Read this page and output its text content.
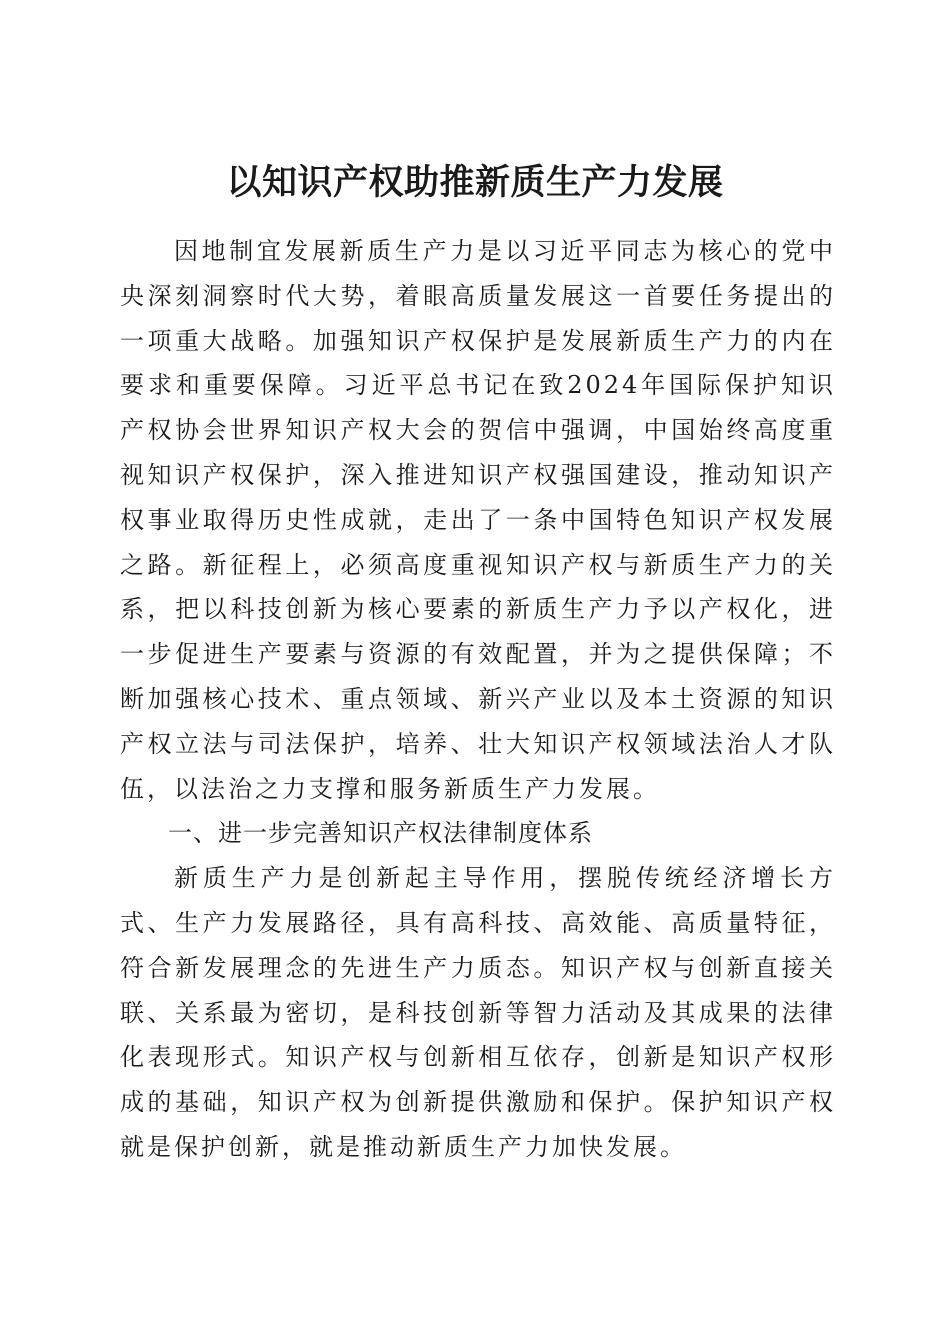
以知识产权助推新质生产力发展

因地制宜发展新质生产力是以习近平同志为核心的党中央深刻洞察时代大势，着眼高质量发展这一首要任务提出的一项重大战略。加强知识产权保护是发展新质生产力的内在要求和重要保障。习近平总书记在致2024年国际保护知识产权协会世界知识产权大会的贺信中强调，中国始终高度重视知识产权保护，深入推进知识产权强国建设，推动知识产权事业取得历史性成就，走出了一条中国特色知识产权发展之路。新征程上，必须高度重视知识产权与新质生产力的关系，把以科技创新为核心要素的新质生产力予以产权化，进一步促进生产要素与资源的有效配置，并为之提供保障；不断加强核心技术、重点领域、新兴产业以及本土资源的知识产权立法与司法保护，培养、壮大知识产权领域法治人才队伍，以法治之力支撑和服务新质生产力发展。

一、进一步完善知识产权法律制度体系

新质生产力是创新起主导作用，摆脱传统经济增长方式、生产力发展路径，具有高科技、高效能、高质量特征，符合新发展理念的先进生产力质态。知识产权与创新直接关联、关系最为密切，是科技创新等智力活动及其成果的法律化表现形式。知识产权与创新相互依存，创新是知识产权形成的基础，知识产权为创新提供激励和保护。保护知识产权就是保护创新，就是推动新质生产力加快发展。
